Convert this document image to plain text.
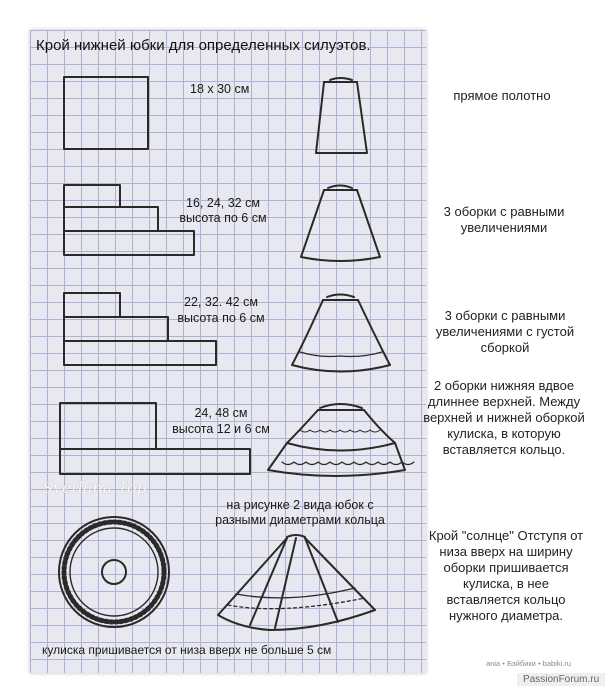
Крой нижней юбки для определенных силуэтов.
18 x 30 см	прямое полотно
16, 24, 32 см
высота по 6 см	3 оборки с равными увеличениями
22, 32. 42 см
высота по 6 см	3 оборки с равными увеличениями с густой сборкой
24, 48 см
высота 12 и 6 см
2 оборки нижняя вдвое длиннее верхней. Между верхней и нижней оборкой кулиска, в которую вставляется кольцо.
на рисунке 2 вида юбок с разными диаметрами кольца
Крой "солнце" Отступя от низа вверх на ширину оборки пришивается кулиска, в нее вставляется кольцо нужного диаметра.
кулиска пришивается от низа вверх не больше 5 см
Svetlana Top
ania • Бэйбики • babiki.ru
PassionForum.ru
